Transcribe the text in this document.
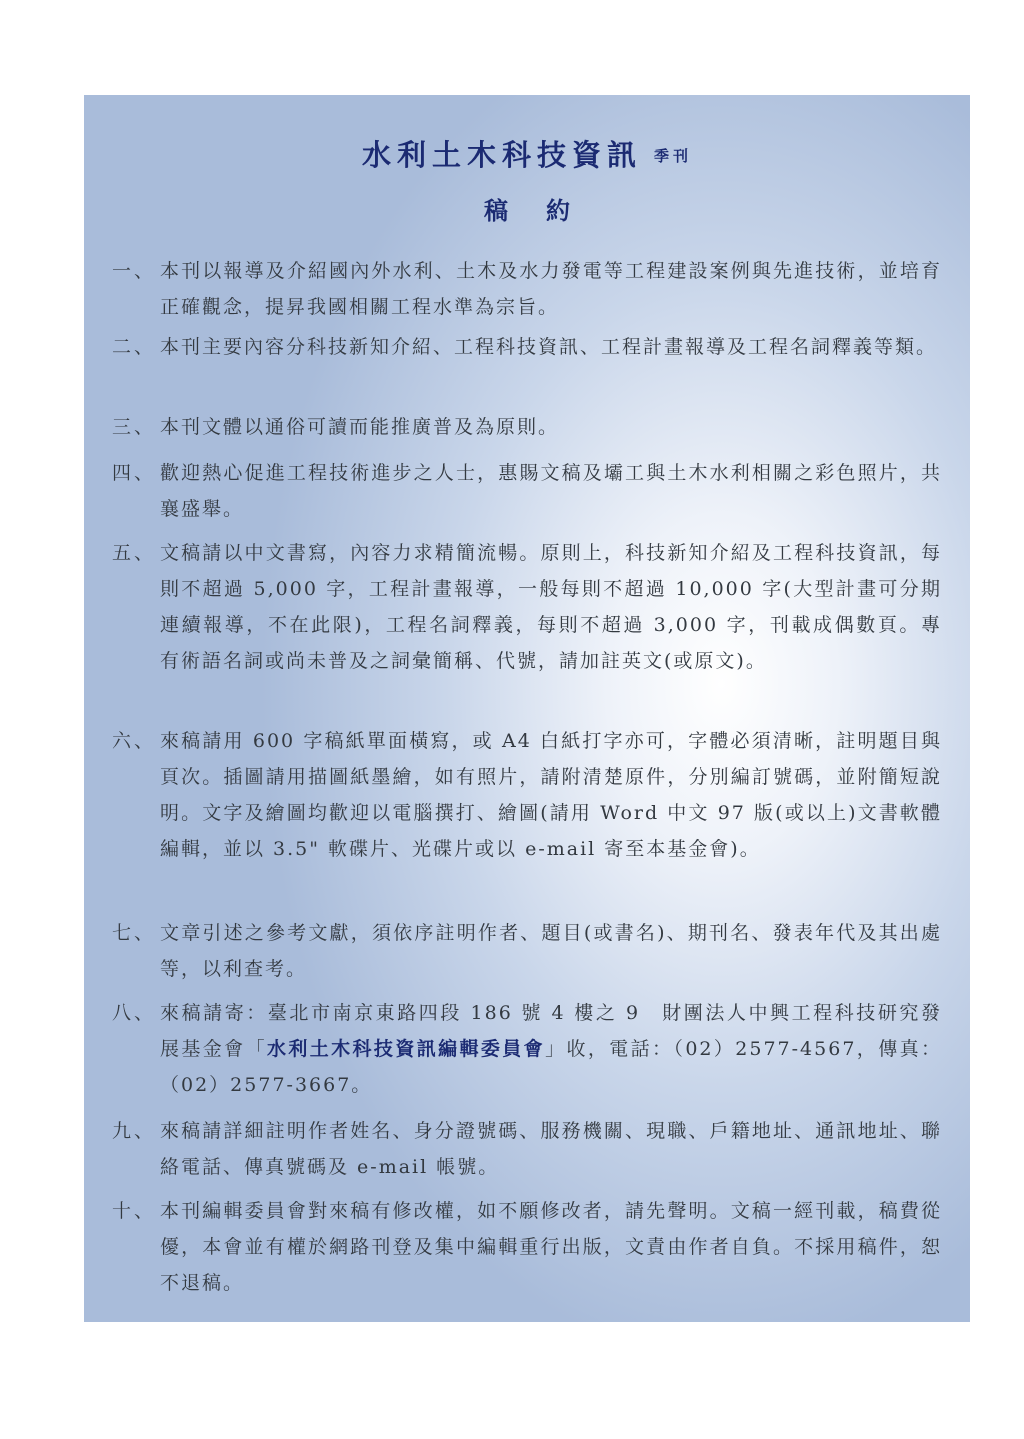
水利土木科技資訊 季刊
稿約
一、 本刊以報導及介紹國內外水利、土木及水力發電等工程建設案例與先進技術，並培育正確觀念，提昇我國相關工程水準為宗旨。
二、 本刊主要內容分科技新知介紹、工程科技資訊、工程計畫報導及工程名詞釋義等類。
三、 本刊文體以通俗可讀而能推廣普及為原則。
四、 歡迎熱心促進工程技術進步之人士，惠賜文稿及壩工與土木水利相關之彩色照片，共襄盛舉。
五、 文稿請以中文書寫，內容力求精簡流暢。原則上，科技新知介紹及工程科技資訊，每則不超過 5,000 字，工程計畫報導，一般每則不超過 10,000 字(大型計畫可分期連續報導，不在此限)，工程名詞釋義，每則不超過 3,000 字，刊載成偶數頁。專有術語名詞或尚未普及之詞彙簡稱、代號，請加註英文(或原文)。
六、 來稿請用 600 字稿紙單面橫寫，或 A4 白紙打字亦可，字體必須清晰，註明題目與頁次。插圖請用描圖紙墨繪，如有照片，請附清楚原件，分別編訂號碼，並附簡短說明。文字及繪圖均歡迎以電腦撰打、繪圖(請用 Word 中文 97 版(或以上)文書軟體編輯，並以 3.5" 軟碟片、光碟片或以 e-mail 寄至本基金會)。
七、 文章引述之參考文獻，須依序註明作者、題目(或書名)、期刊名、發表年代及其出處等，以利查考。
八、 來稿請寄：臺北市南京東路四段 186 號 4 樓之 9　財團法人中興工程科技研究發展基金會「水利土木科技資訊編輯委員會」收，電話：（02）2577-4567，傳真：（02）2577-3667。
九、 來稿請詳細註明作者姓名、身分證號碼、服務機關、現職、戶籍地址、通訊地址、聯絡電話、傳真號碼及 e-mail 帳號。
十、 本刊編輯委員會對來稿有修改權，如不願修改者，請先聲明。文稿一經刊載，稿費從優，本會並有權於網路刊登及集中編輯重行出版，文責由作者自負。不採用稿件，恕不退稿。
